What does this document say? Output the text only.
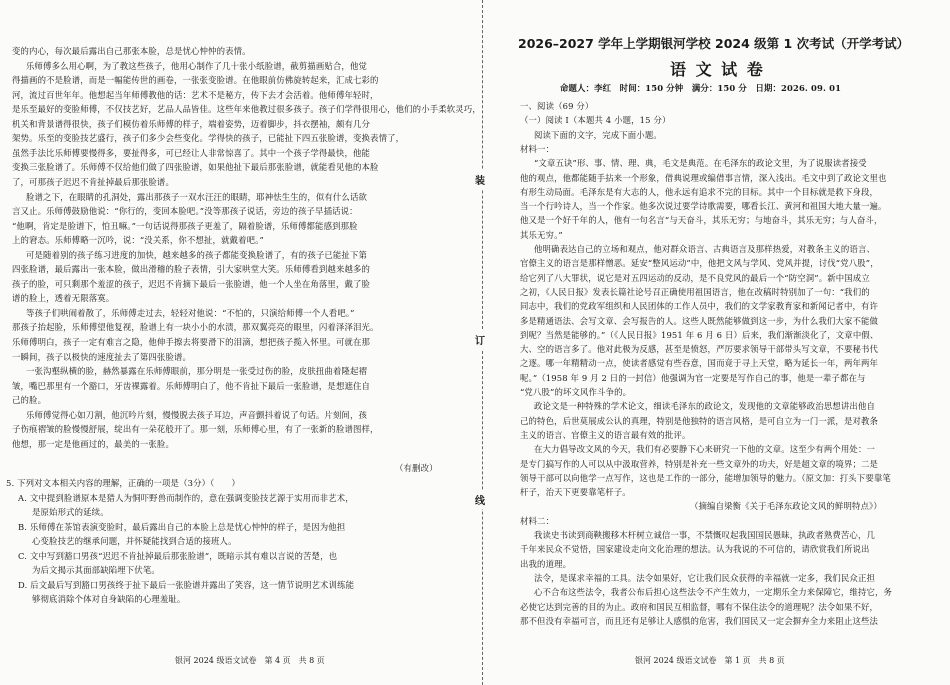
银河 2024 级语文试卷　第 4 页　共 8 页
变的内心，每次最后露出自己那张本脸，总是忧心忡忡的表情。
乐师傅多么用心啊，为了教这些孩子，他用心制作了几十张小纸脸谱，截剪描画贴合，他觉
得描画的不是脸谱，而是一幅能传世的画卷，一张张变脸谱。在他眼前仿佛旋转起来，汇成七彩的
河，流过百世年年。他想起当年师傅教他的话：艺术不是秘方，传下去才会活着。他师傅年轻时，
是乐至最好的变脸师傅，不仅技艺好，艺品人品皆佳。这些年来他教过很多孩子。孩子们学得很用心，他们的小手柔软灵巧，
机关和背景谱得很快，孩子们模仿着乐师傅的样子，端着姿势，迈着脚步，抖衣摆袖，颇有几分
架势。乐至的变脸技艺盛行，孩子们多少会些变化。学得快的孩子，已能扯下四五张脸谱，变换表情了，
虽然手法比乐师傅要慢得多，要扯得多，可已经让人非常惊喜了。其中一个孩子学得最快，他能
变换三张脸谱了。乐师傅不仅给他们做了四张脸谱，如果他扯下最后那张脸谱，就能看见他的本脸
了，可那孩子迟迟不肯扯掉最后那张脸谱。
脸谱之下，在眼睛的孔洞处，露出那孩子一双水汪汪的眼睛，耶神怯生生的，似有什么话欲
言又止。乐师傅鼓励他说：“你行的，变回本脸吧。”没等那孩子说话，旁边的孩子早插话说：
“他啊，肯定是脸谱下，怕丑嘛。”一句话说得那孩子更羞了，隔着脸谱，乐师傅都能感到那脸
上的窘态。乐师傅略一沉吟，说：“没关系，你不想扯，就戴着吧。”
可是随着别的孩子练习进度的加快，越来越多的孩子都能变换脸谱了，有的孩子已能扯下第
四张脸谱，最后露出一张本脸，做出滑稽的脸子表情，引大家哄堂大笑。乐师傅看到越来越多的
孩子的脸，可只剩那个羞涩的孩子，迟迟不肯摘下最后一张脸谱，他一个人坐在角落里，戴了脸
谱的脸上，透着无限落寞。
等孩子们哄闹着散了，乐师傅走过去，轻轻对他说：“不怕的，只演给师傅一个人看吧。”
那孩子抬起脸，乐师傅望他复视，脸谱上有一块小小的水渍，那双翼亮亮的眼里，闪着泽泽泪光。
乐师傅明白，孩子一定有难言之隐，他伸手擦去将要滑下的泪滴，想把孩子揽入怀里。可就在那
一瞬间，孩子以极快的速度扯去了第四张脸谱。
一张沟壑纵横的脸，赫然暴露在乐师傅眼前，那分明是一张受过伤的脸，皮肤扭曲着隆起褶
皱，嘴巴那里有一个豁口，牙齿裸露着。乐师傅明白了，他不肯扯下最后一张脸谱，是想遮住自
己的脸。
乐师傅觉得心如刀割，他沉吟片刻，慢慢脱去孩子耳边，声音颤抖着说了句话。片刻间，孩
子伤痕褶皱的脸慢慢舒展，绽出有一朵花般开了。那一刻，乐师傅心里，有了一张新的脸谱图样，
他想，那一定是他画过的，最美的一张脸。
（有删改）
5. 下列对文本相关内容的理解，正确的一项是（3分）（　　）
A. 文中提到脸谱原本是猎人为恫吓野兽而制作的，意在强调变脸技艺源于实用而非艺术，
是原始形式的延续。
B. 乐师傅在茶馆表演变脸时，最后露出自己的本脸上总是忧心忡忡的样子，是因为他担
心变脸技艺的继承问题，并怀疑能找到合适的接班人。
C. 文中写到豁口男孩“迟迟不肯扯掉最后那张脸谱”，既暗示其有难以言说的苦楚，也
为后文揭示其面部缺陷埋下伏笔。
D. 后文最后写到豁口男孩终于扯下最后一张脸谱并露出了笑容，这一情节说明艺术训练能
够彻底消除个体对自身缺陷的心理羞耻。
装
订
线
2026–2027 学年上学期银河学校 2024 级第 1 次考试（开学考试）
语 文 试 卷
命题人：李红　时间：150 分钟　满分：150 分　日期：2026. 09. 01
银河 2024 级语文试卷　第 1 页　共 8 页
一、阅读（69 分）
（一）阅读 I（本题共 4 小题，15 分）
阅读下面的文字，完成下面小题。
材料一：
“文章五诀”形、事、情、理、典，毛文是典范。在毛泽东的政论文里，为了说服读者接受
他的观点，他都能随手拈来一个形象，借典说理或编借事言情，深入浅出。毛文中到了政论文里也
有形生动局面。毛泽东是有大志的人，他永远有追求不完的目标。其中一个目标就是救下身段，
当一个行吟诗人，当一个作家。他多次说过要学诗歌需要，哪看长江、黄河和祖国大地大量一遍。
他又是一个好千年的人，他有一句名言“与天奋斗，其乐无穷；与地奋斗，其乐无穷；与人奋斗，
其乐无穷。”
他明确表达自己的立场和观点，他对群众语言、古典语言及那样热爱，对教条主义的语言、
官僚主义的语言是那样憎恶。延安“整风运动”中，他把文风与学风、党风并提，讨伐“党八股”，
给它列了八大罪状，说它是对五四运动的反动，是不良党风的最后一个“防空洞”。新中国成立
之初，《人民日报》发表长篇社论号召正确使用祖国语言，他在改稿时特别加了一句：“我们的
同志中，我们的党政军组织和人民团体的工作人员中，我们的文学家教育家和新闻记者中，有许
多是精通语法、会写文章、会写报告的人。这些人既然能够做到这一步，为什么我们大家不能做
到呢？当然是能够的。”（《人民日报》1951 年 6 月 6 日）后来，我们渐渐淡化了，文章中假、
大、空的语言多了。他对此极为反感，甚至是愤怒，严厉要求领导干部带头写文章，不要秘书代
之逐。哪一年精精动一点，使读者感觉有些吞意，国而竟于寻上天堂，略为延长一年，两年两年
呢。”（1958 年 9 月 2 日的一封信）他强调为官一定要是写作自己的事，他是一辈子都在与
“党八股”的坏文风作斗争的。
政论文是一种特殊的学术论文，细读毛泽东的政论文，发现他的文章能够政治思想讲出他自
己的特色，后世莫展成公认的真理，特别是他独特的语言风格，是可自立为一门一派，是对教条
主义的语言、官僚主义的语言最有效的批评。
在大力倡导改文风的今天，我们有必要静下心来研究一下他的文章。这至少有两个用处：一
是专门搞写作的人可以从中汲取营养，特别是补充一些文章外的功夫，好是超文章的境界；二是
领导干部可以向他学一点写作，这也是工作的一部分，能增加领导的魅力。（原文加：打头下要靠笔
杆子，治天下更要靠笔杆子。
（摘编自梁衡《关于毛泽东政论文风的鲜明特点》）
材料二：
我读史书读到商鞅搬移木杆树立诚信一事，不禁慨叹起我国国民愚昧，执政者熟费苦心，几
千年来民众不觉悟，国家建设走向文化治理的想法。认为我说的不可信的，请欣赏我们所说出
出我的道理。
法令，是谋求幸福的工具。法令如果好，它让我们民众获得的幸福就一定多，我们民众正担
心不合布这些法令，我者公布后担心这些法令不产生效力，一定期乐全力来保障它，维持它，务
必使它达到完善的目的为止。政府和国民互相监督，哪有不保住法令的道理呢？法令如果不好，
那不但没有幸福可言，而且还有足够让人感惧的危害，我们国民又一定会摒弃全力来阻止这些法
